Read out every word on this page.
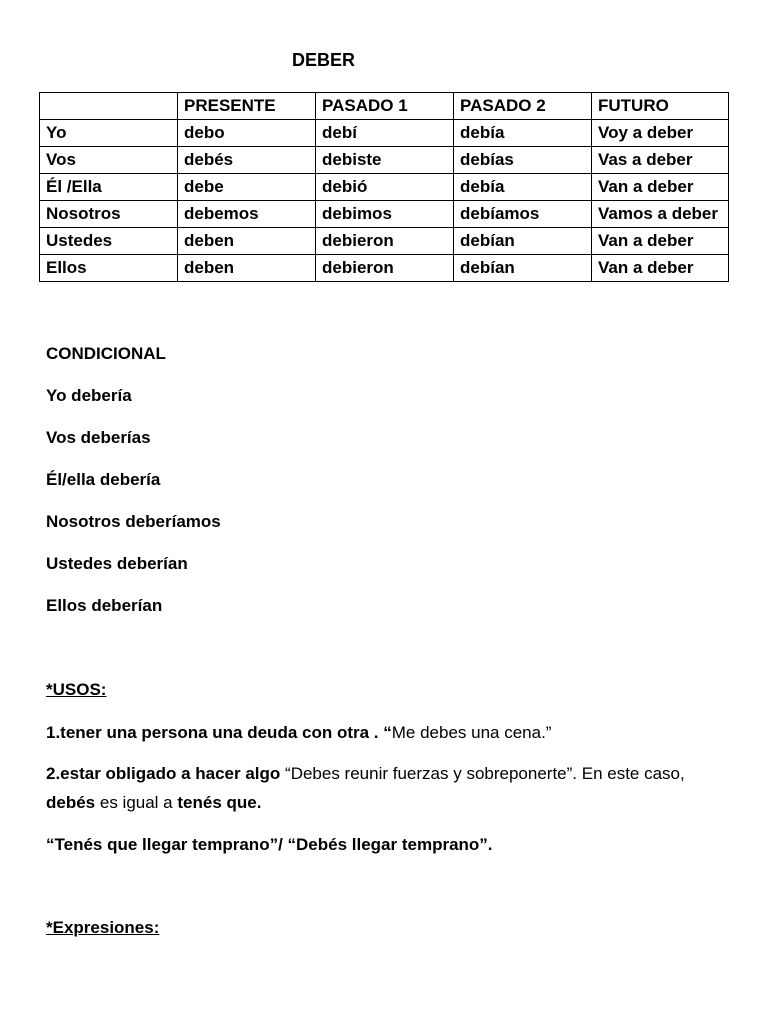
DEBER
	PRESENTE	PASADO 1	PASADO 2	FUTURO
Yo	debo	debí	debía	Voy a deber
Vos	debés	debiste	debías	Vas a deber
Él /Ella	debe	debió	debía	Van a deber
Nosotros	debemos	debimos	debíamos	Vamos a deber
Ustedes	deben	debieron	debían	Van a deber
Ellos	deben	debieron	debían	Van a deber
CONDICIONAL
Yo debería
Vos deberías
Él/ella debería
Nosotros deberíamos
Ustedes deberían
Ellos deberían
*USOS:
1.tener una persona una deuda con otra . “Me debes una cena.”
2.estar obligado a hacer algo “Debes reunir fuerzas y sobreponerte”. En este caso, debés es igual a tenés que.
“Tenés que llegar temprano”/ “Debés llegar temprano”.
*Expresiones:
